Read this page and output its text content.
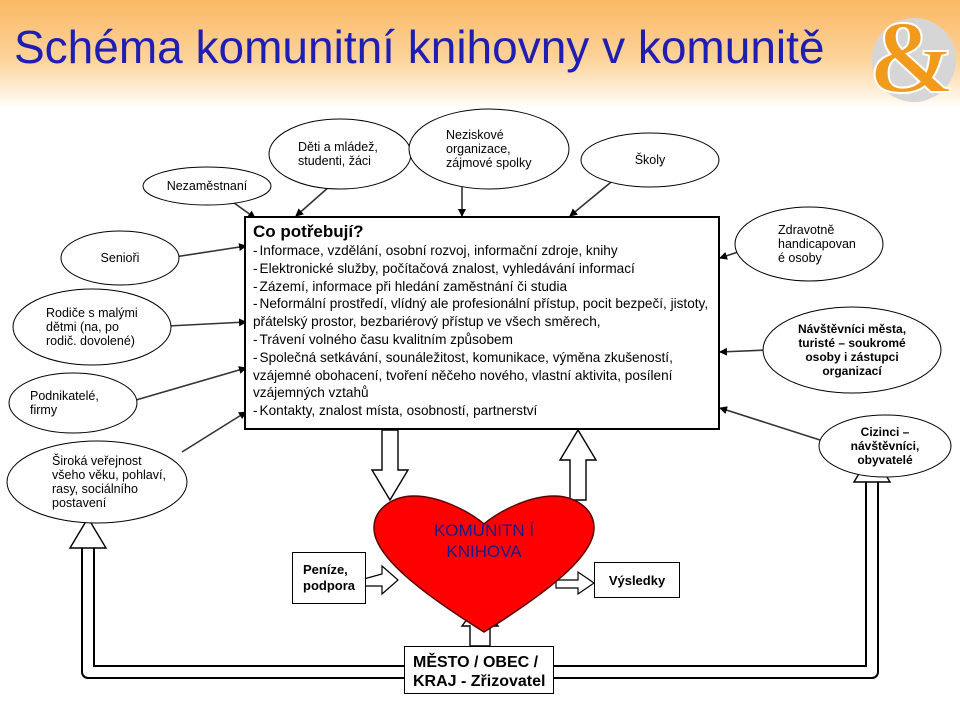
Schéma komunitní knihovny v komunitě &
Děti a mládež, studenti, žáci
Neziskové organizace, zájmové spolky	Školy
Nezaměstnaní
Senioři
Rodiče s malými dětmi (na, po rodič. dovolené)
Podnikatelé, firmy
Široká veřejnost všeho věku, pohlaví, rasy, sociálního postavení
Zdravotně handicapovan é osoby
Návštěvníci města, turisté – soukromé osoby i zástupci organizací
Cizinci – návštěvníci, obyvatelé
Co potřebují?
- Informace, vzdělání, osobní rozvoj, informační zdroje, knihy
- Elektronické služby, počítačová znalost, vyhledávání informací
- Zázemí, informace při hledání zaměstnání či studia
- Neformální prostředí, vlídný ale profesionální přístup, pocit bezpečí, jistoty, přátelský prostor, bezbariérový přístup ve všech směrech,
- Trávení volného času kvalitním způsobem
- Společná setkávání, sounáležitost, komunikace, výměna zkušeností, vzájemné obohacení, tvoření něčeho nového, vlastní aktivita, posílení vzájemných vztahů
- Kontakty, znalost místa, osobností, partnerství
KOMUNITN Í KNIHOVA
Peníze, podpora	Výsledky
MĚSTO / OBEC / KRAJ - Zřizovatel
